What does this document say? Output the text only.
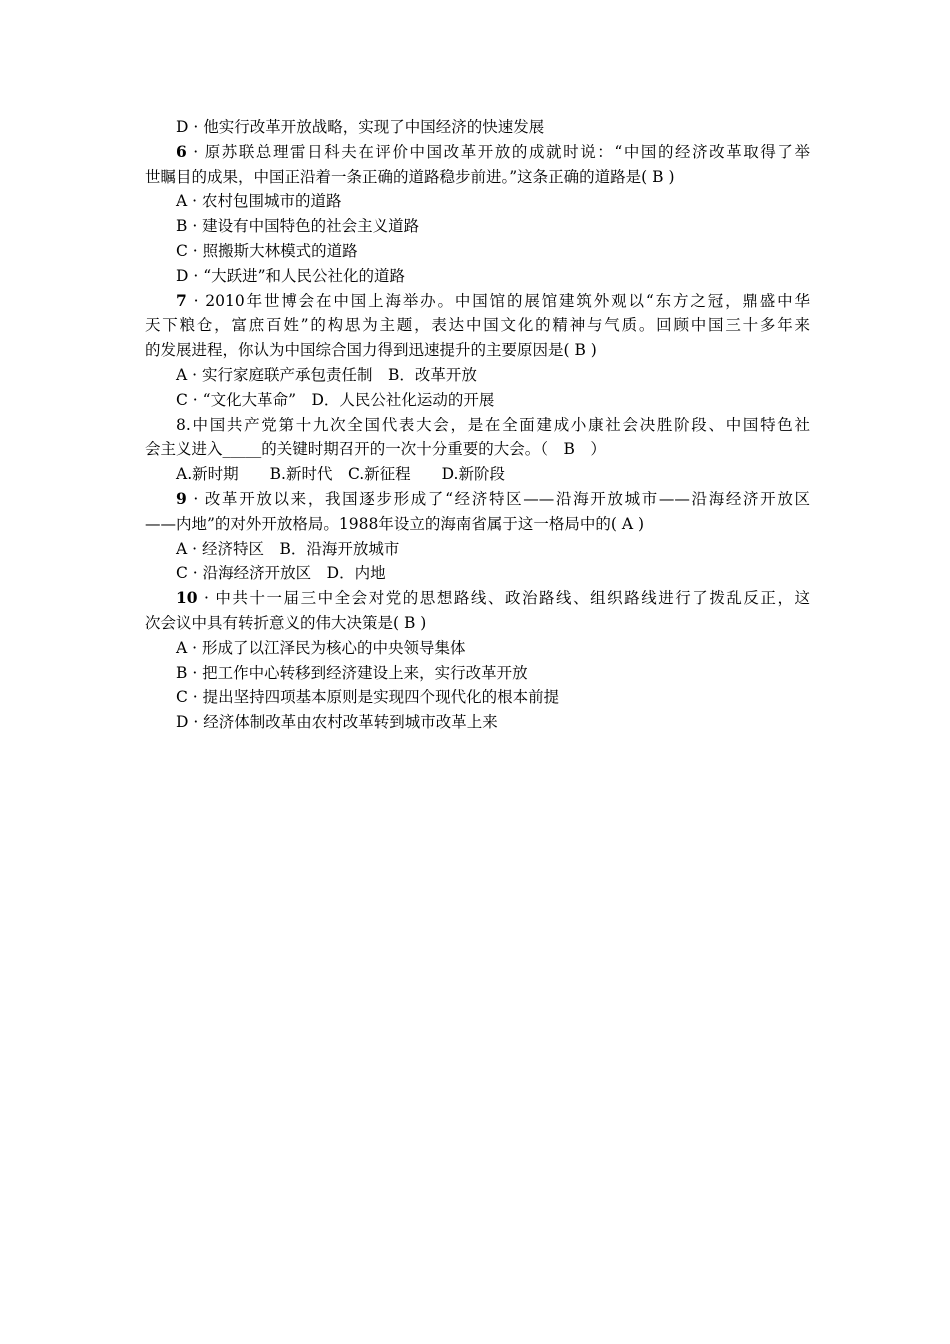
D · 他实行改革开放战略，实现了中国经济的快速发展
6 · 原苏联总理雷日科夫在评价中国改革开放的成就时说：“中国的经济改革取得了举
世瞩目的成果，中国正沿着一条正确的道路稳步前进。”这条正确的道路是( B )
A · 农村包围城市的道路
B · 建设有中国特色的社会主义道路
C · 照搬斯大林模式的道路
D · “大跃进”和人民公社化的道路
7 · 2010年世博会在中国上海举办。中国馆的展馆建筑外观以“东方之冠，鼎盛中华
天下粮仓，富庶百姓”的构思为主题，表达中国文化的精神与气质。回顾中国三十多年来
的发展进程，你认为中国综合国力得到迅速提升的主要原因是( B )
A · 实行家庭联产承包责任制　B．改革开放
C · “文化大革命”　D．人民公社化运动的开展
8.中国共产党第十九次全国代表大会，是在全面建成小康社会决胜阶段、中国特色社
会主义进入_____的关键时期召开的一次十分重要的大会。（　B　）
A.新时期　　B.新时代　C.新征程　　D.新阶段
9 · 改革开放以来，我国逐步形成了“经济特区——沿海开放城市——沿海经济开放区
——内地”的对外开放格局。1988年设立的海南省属于这一格局中的( A )
A · 经济特区　B．沿海开放城市
C · 沿海经济开放区　D．内地
10 · 中共十一届三中全会对党的思想路线、政治路线、组织路线进行了拨乱反正，这
次会议中具有转折意义的伟大决策是( B )
A · 形成了以江泽民为核心的中央领导集体
B · 把工作中心转移到经济建设上来，实行改革开放
C · 提出坚持四项基本原则是实现四个现代化的根本前提
D · 经济体制改革由农村改革转到城市改革上来
